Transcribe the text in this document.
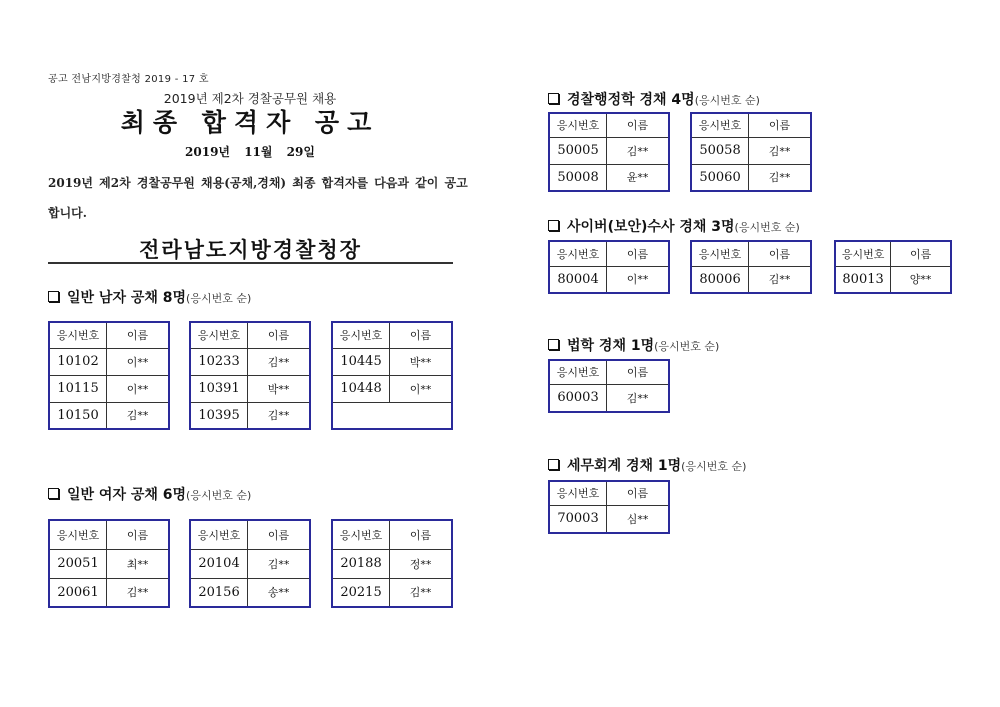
공고 전남지방경찰청 2019 - 17 호
2019년 제2차 경찰공무원 채용
최종 합격자 공고
2019년 11월 29일
2019년 제2차 경찰공무원 채용(공채,경채) 최종 합격자를 다음과 같이 공고
합니다.
전라남도지방경찰청장
일반 남자 공채 8명(응시번호 순)
일반 여자 공채 6명(응시번호 순)
경찰행정학 경채 4명(응시번호 순)
사이버(보안)수사 경채 3명(응시번호 순)
법학 경채 1명(응시번호 순)
세무회계 경채 1명(응시번호 순)
응시번호	이름
10102	이**
10115	이**
10150	김**
응시번호	이름
10233	김**
10391	박**
10395	김**
응시번호	이름
10445	박**
10448	이**

응시번호	이름
20051	최**
20061	김**
응시번호	이름
20104	김**
20156	송**
응시번호	이름
20188	정**
20215	김**
응시번호	이름
50005	김**
50008	윤**
응시번호	이름
50058	김**
50060	김**
응시번호	이름
80004	이**
응시번호	이름
80006	김**
응시번호	이름
80013	양**
응시번호	이름
60003	김**
응시번호	이름
70003	심**
